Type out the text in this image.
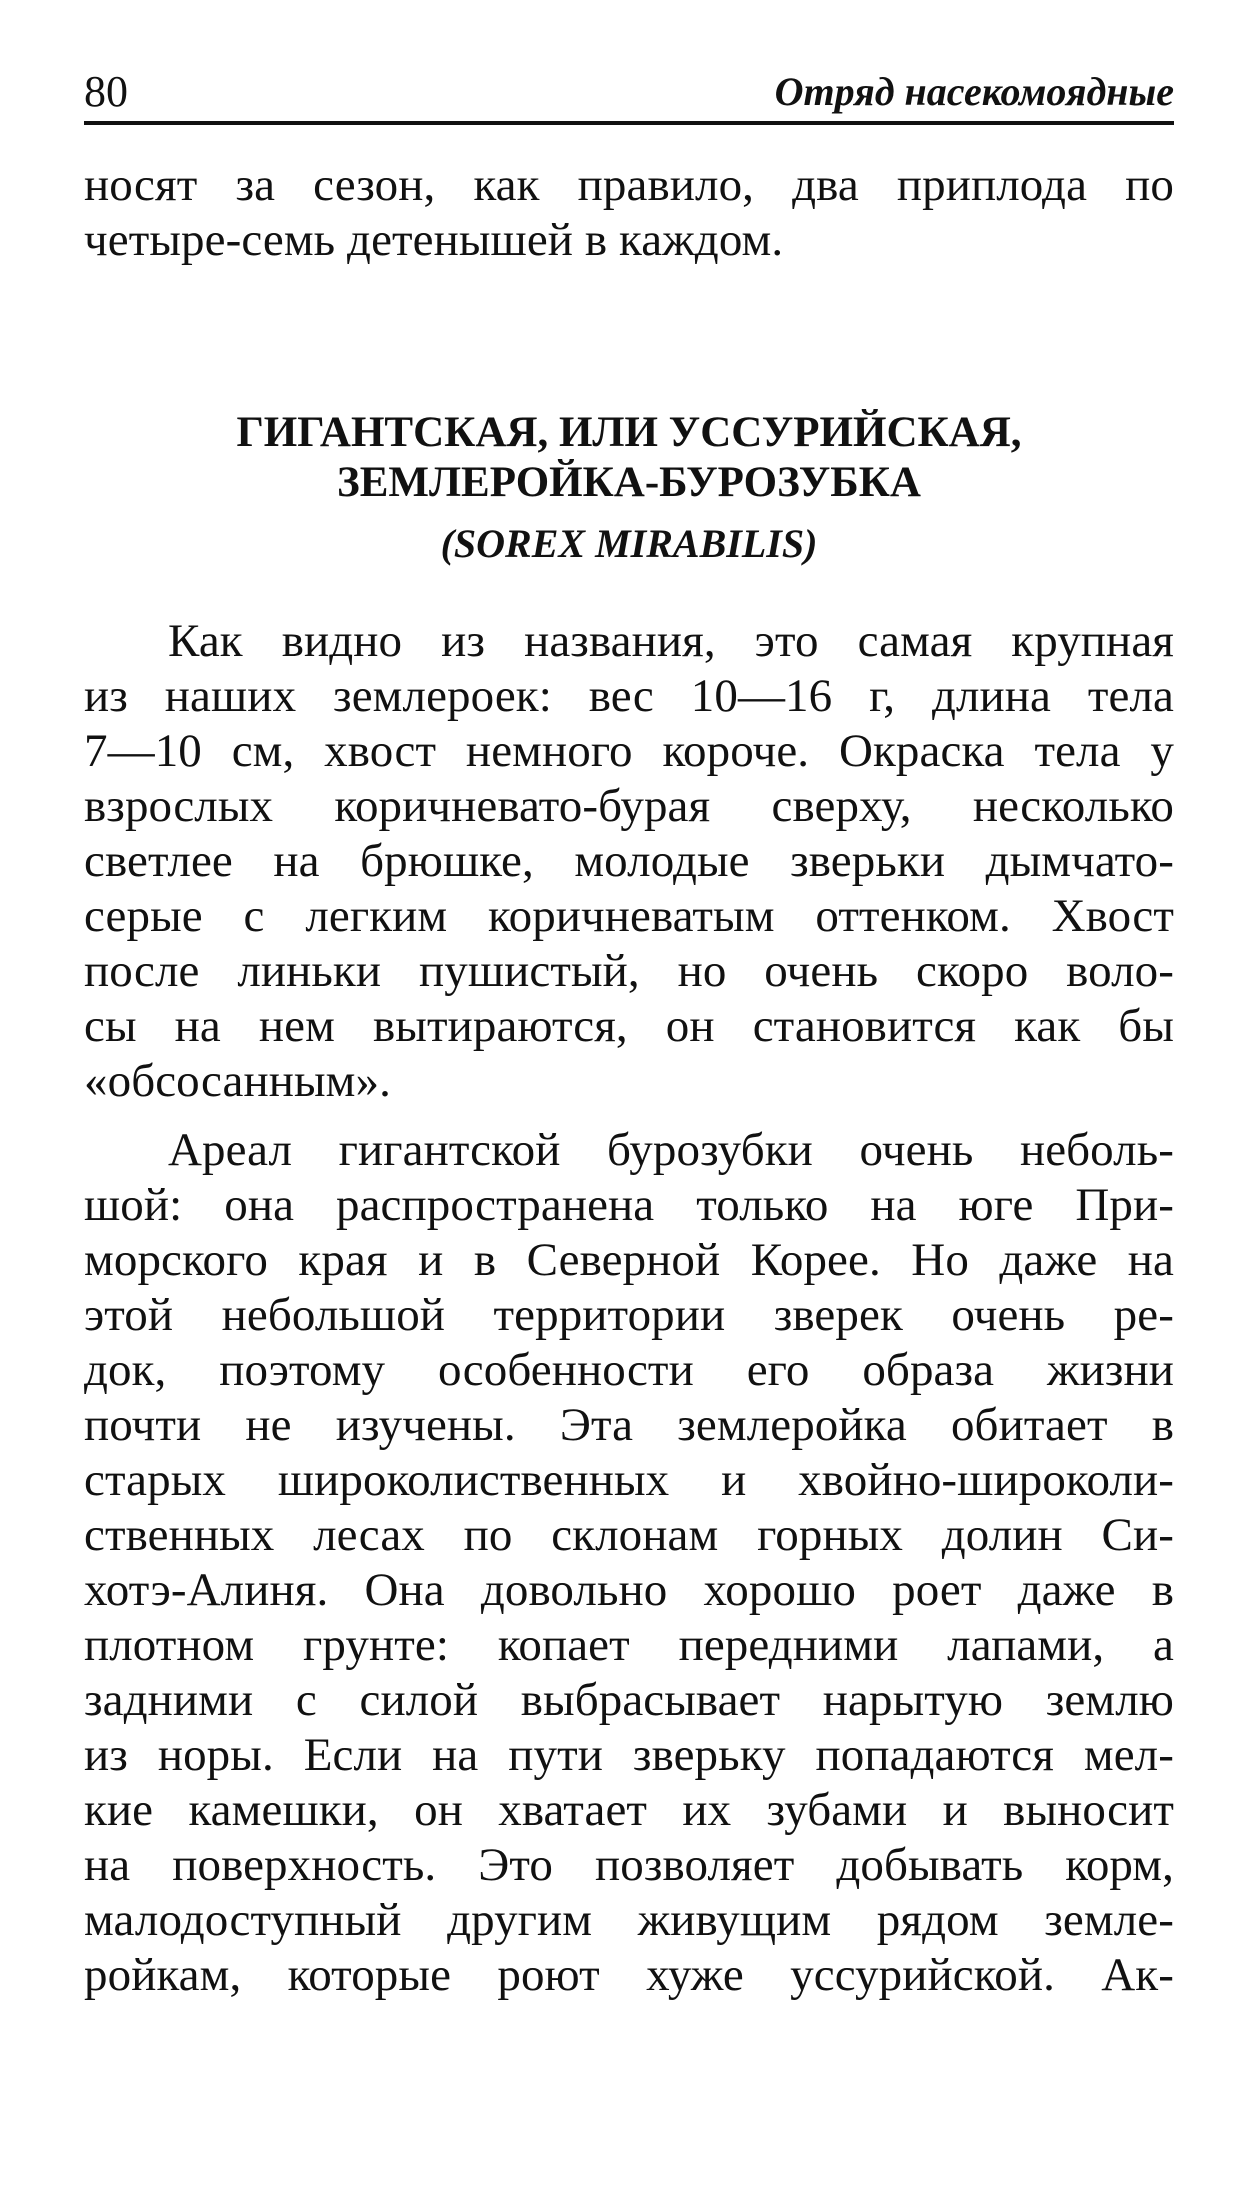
80	Отряд насекомоядные
носят за сезон, как правило, два приплода по
четыре-семь детенышей в каждом.
ГИГАНТСКАЯ, ИЛИ УССУРИЙСКАЯ,
ЗЕМЛЕРОЙКА-БУРОЗУБКА
(SOREX MIRABILIS)
Как видно из названия, это самая крупная
из наших землероек: вес 10—16 г, длина тела
7—10 см, хвост немного короче. Окраска тела у
взрослых коричневато-бурая сверху, несколько
светлее на брюшке, молодые зверьки дымчато-
серые с легким коричневатым оттенком. Хвост
после линьки пушистый, но очень скоро воло-
сы на нем вытираются, он становится как бы
«обсосанным».
Ареал гигантской бурозубки очень неболь-
шой: она распространена только на юге При-
морского края и в Северной Корее. Но даже на
этой небольшой территории зверек очень ре-
док, поэтому особенности его образа жизни
почти не изучены. Эта землеройка обитает в
старых широколиственных и хвойно-широколи-
ственных лесах по склонам горных долин Си-
хотэ-Алиня. Она довольно хорошо роет даже в
плотном грунте: копает передними лапами, а
задними с силой выбрасывает нарытую землю
из норы. Если на пути зверьку попадаются мел-
кие камешки, он хватает их зубами и выносит
на поверхность. Это позволяет добывать корм,
малодоступный другим живущим рядом земле-
ройкам, которые роют хуже уссурийской. Ак-
